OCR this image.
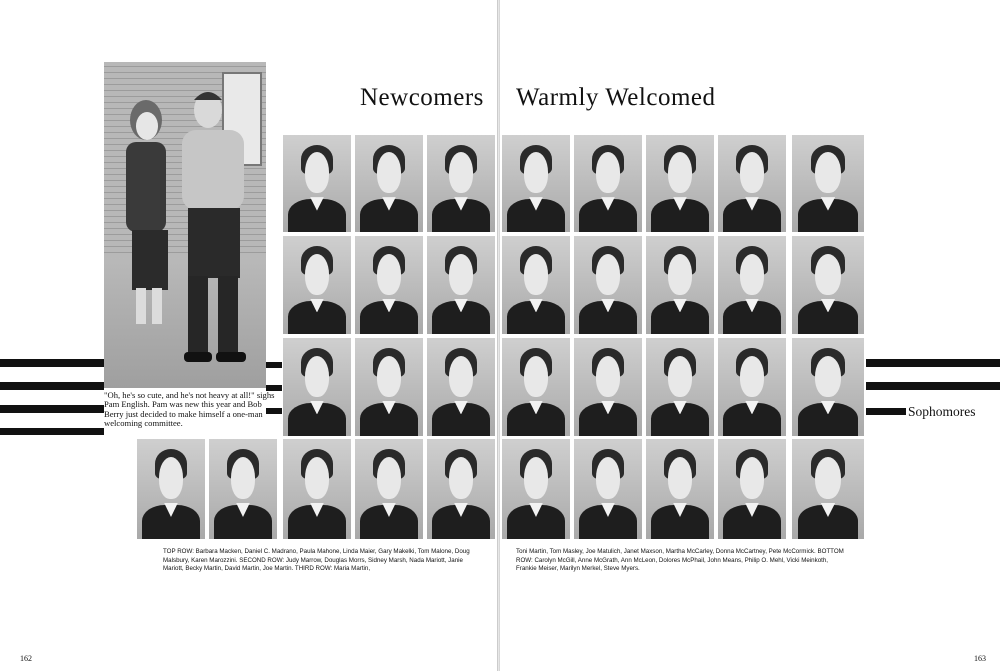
"Oh, he's so cute, and he's not heavy at all!" sighs Pam English. Pam was new this year and Bob Berry just decided to make himself a one-man welcoming committee.
Newcomers Warmly Welcomed
Sophomores
TOP ROW: Barbara Macken, Daniel C. Madrano, Paula Mahone, Linda Maier, Gary Makelki, Tom Malone, Doug Malsbury, Karen Marozzini. SECOND ROW: Judy Marrow, Douglas Morrs, Sidney Marsh, Nada Mariott, Janie Mariott, Becky Martin, David Martin, Joe Martin. THIRD ROW: Maria Martin,
Toni Martin, Tom Masley, Joe Matulich, Janet Maxson, Martha McCarley, Donna McCartney, Pete McCormick. BOTTOM ROW: Carolyn McGill, Anne McGrath, Ann McLeon, Dolores McPhail, John Means, Philip O. Mehl, Vicki Meinkoth, Frankie Meiser, Marilyn Merkel, Steve Myers.
162	163
